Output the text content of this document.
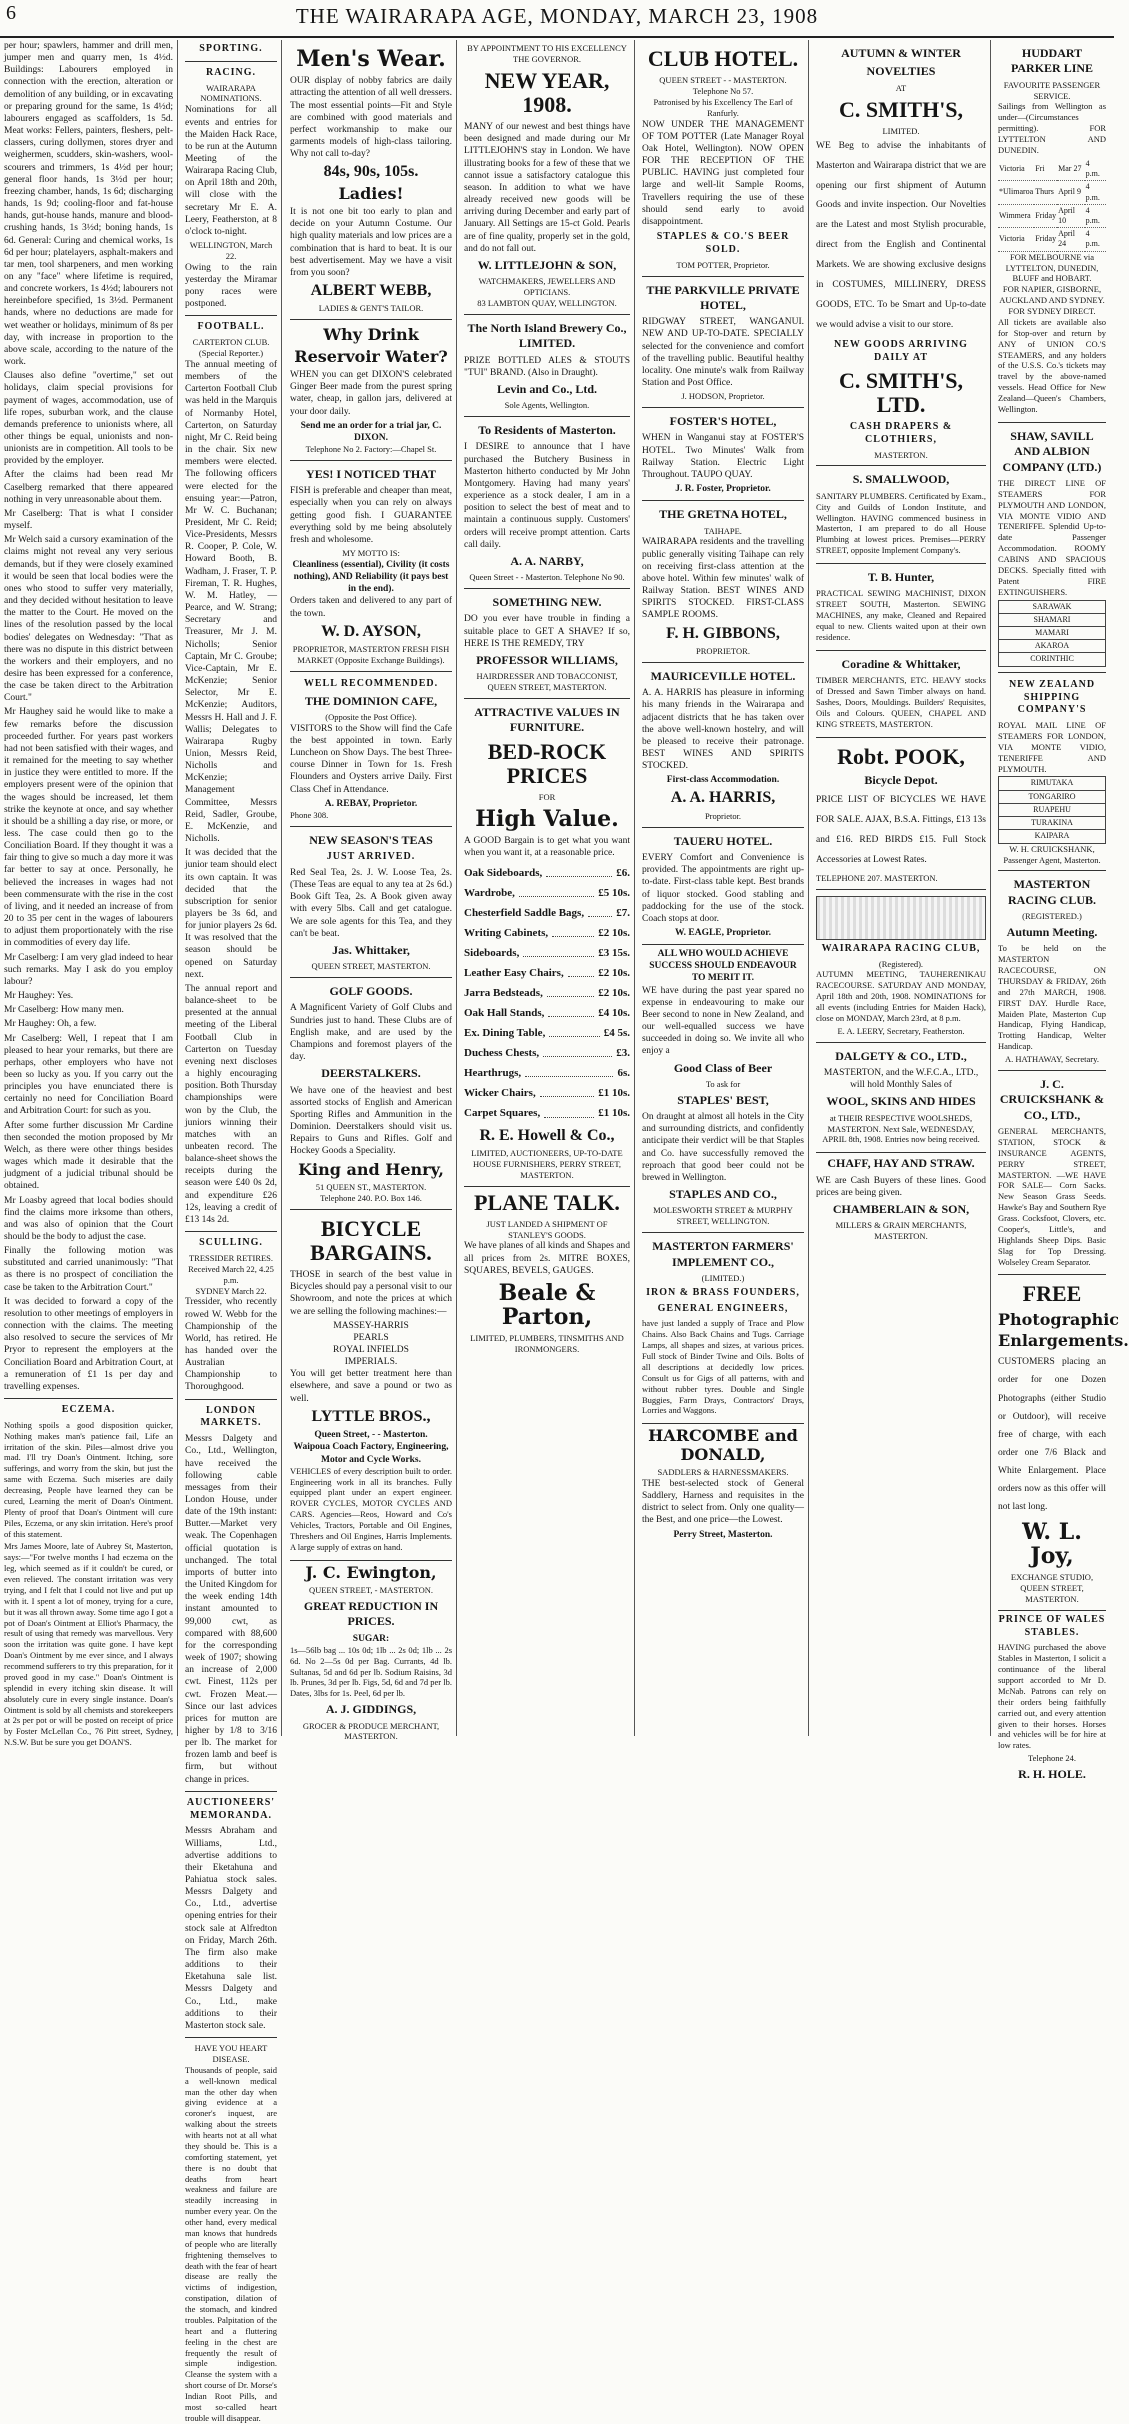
6	THE WAIRARAPA AGE, MONDAY, MARCH 23, 1908

per hour; spawlers, hammer and drill men, jumper men and quarry men, 1s 4½d. Buildings: Labourers employed in connection with the erection, alteration or demolition of any building, or in excavating or preparing ground for the same, 1s 4½d; labourers engaged as scaffolders, 1s 5d. Meat works: Fellers, painters, fleshers, pelt-classers, curing dollymen, stores dryer and weighermen, scudders, skin-washers, wool-scourers and trimmers, 1s 4½d per hour; general floor hands, 1s 3½d per hour; freezing chamber, hands, 1s 6d; discharging hands, 1s 9d; cooling-floor and fat-house hands, gut-house hands, manure and blood-crushing hands, 1s 3½d; boning hands, 1s 6d. General: Curing and chemical works, 1s 6d per hour; platelayers, asphalt-makers and tar men, tool sharpeners, and men working on any "face" where lifetime is required, and concrete workers, 1s 4½d; labourers not hereinbefore specified, 1s 3½d. Permanent hands, where no deductions are made for wet weather or holidays, minimum of 8s per day, with increase in proportion to the above scale, according to the nature of the work.

Clauses also define "overtime," set out holidays, claim special provisions for payment of wages, accommodation, use of life ropes, suburban work, and the clause demands preference to unionists where, all other things be equal, unionists and non-unionists are in competition. All tools to be provided by the employer.

After the claims had been read Mr Caselberg remarked that there appeared nothing in very unreasonable about them.

Mr Caselberg: That is what I consider myself.

Mr Welch said a cursory examination of the claims might not reveal any very serious demands, but if they were closely examined it would be seen that local bodies were the ones who stood to suffer very materially, and they decided without hesitation to leave the matter to the Court. He moved on the lines of the resolution passed by the local bodies' delegates on Wednesday: "That as there was no dispute in this district between the workers and their employers, and no desire has been expressed for a conference, the case be taken direct to the Arbitration Court."

Mr Haughey said he would like to make a few remarks before the discussion proceeded further. For years past workers had not been satisfied with their wages, and it remained for the meeting to say whether in justice they were entitled to more. If the employers present were of the opinion that the wages should be increased, let them strike the keynote at once, and say whether it should be a shilling a day rise, or more, or less. The case could then go to the Conciliation Board. If they thought it was a fair thing to give so much a day more it was far better to say at once. Personally, he believed the increases in wages had not been commensurate with the rise in the cost of living, and it needed an increase of from 20 to 35 per cent in the wages of labourers to adjust them proportionately with the rise in commodities of every day life.

Mr Caselberg: I am very glad indeed to hear such remarks. May I ask do you employ labour?

Mr Haughey: Yes.

Mr Caselberg: How many men.

Mr Haughey: Oh, a few.

Mr Caselberg: Well, I repeat that I am pleased to hear your remarks, but there are perhaps, other employers who have not been so lucky as you. If you carry out the principles you have enunciated there is certainly no need for Conciliation Board and Arbitration Court: for such as you.

After some further discussion Mr Cardine then seconded the motion proposed by Mr Welch, as there were other things besides wages which made it desirable that the judgment of a judicial tribunal should be obtained.

Mr Loasby agreed that local bodies should find the claims more irksome than others, and was also of opinion that the Court should be the body to adjust the case.

Finally the following motion was substituted and carried unanimously: "That as there is no prospect of conciliation the case be taken to the Arbitration Court."

It was decided to forward a copy of the resolution to other meetings of employers in connection with the claims. The meeting also resolved to secure the services of Mr Pryor to represent the employers at the Conciliation Board and Arbitration Court, at a remuneration of £1 1s per day and travelling expenses.

ECZEMA.

Nothing spoils a good disposition quicker, Nothing makes man's patience fail, Life an irritation of the skin. Piles—almost drive you mad. I'll try Doan's Ointment. Itching, sore sufferings, and worry from the skin, but just the same with Eczema. Such miseries are daily decreasing, People have learned they can be cured, Learning the merit of Doan's Ointment. Plenty of proof that Doan's Ointment will cure Piles, Eczema, or any skin irritation. Here's proof of this statement.

Mrs James Moore, late of Aubrey St, Masterton, says:—"For twelve months I had eczema on the leg, which seemed as if it couldn't be cured, or even relieved. The constant irritation was very trying, and I felt that I could not live and put up with it. I spent a lot of money, trying for a cure, but it was all thrown away. Some time ago I got a pot of Doan's Ointment at Elliot's Pharmacy, the result of using that remedy was marvellous. Very soon the irritation was quite gone. I have kept Doan's Ointment by me ever since, and I always recommend sufferers to try this preparation, for it proved good in my case." Doan's Ointment is splendid in every itching skin disease. It will absolutely cure in every single instance. Doan's Ointment is sold by all chemists and storekeepers at 2s per pot or will be posted on receipt of price by Foster McLellan Co., 76 Pitt street, Sydney, N.S.W. But be sure you get DOAN'S.

SPORTING.
RACING.
WAIRARAPA NOMINATIONS.

Nominations for all events and entries for the Maiden Hack Race, to be run at the Autumn Meeting of the Wairarapa Racing Club, on April 18th and 20th, will close with the secretary Mr E. A. Leery, Featherston, at 8 o'clock to-night.

WELLINGTON, March 22.

Owing to the rain yesterday the Miramar pony races were postponed.

FOOTBALL.
CARTERTON CLUB.
(Special Reporter.)

The annual meeting of members of the Carterton Football Club was held in the Marquis of Normanby Hotel, Carterton, on Saturday night, Mr C. Reid being in the chair. Six new members were elected. The following officers were elected for the ensuing year:—Patron, Mr W. C. Buchanan; President, Mr C. Reid; Vice-Presidents, Messrs R. Cooper, P. Cole, W. Howard Booth, B. Wadham, J. Fraser, T. P. Fireman, T. R. Hughes, W. M. Hatley, — Pearce, and W. Strang; Secretary and Treasurer, Mr J. M. Nicholls; Senior Captain, Mr C. Groube; Vice-Captain, Mr E. McKenzie; Senior Selector, Mr E. McKenzie; Auditors, Messrs H. Hall and J. F. Wallis; Delegates to Wairarapa Rugby Union, Messrs Reid, Nicholls and McKenzie; Management Committee, Messrs Reid, Sadler, Groube, E. McKenzie, and Nicholls.

It was decided that the junior team should elect its own captain. It was decided that the subscription for senior players be 3s 6d, and for junior players 2s 6d. It was resolved that the season should be opened on Saturday next.

The annual report and balance-sheet to be presented at the annual meeting of the Liberal Football Club in Carterton on Tuesday evening next discloses a highly encouraging position. Both Thursday championships were won by the Club, the juniors winning their matches with an unbeaten record. The balance-sheet shows the receipts during the season were £40 0s 2d, and expenditure £26 12s, leaving a credit of £13 14s 2d.

SCULLING.
TRESSIDER RETIRES.
Received March 22, 4.25 p.m.
SYDNEY March 22.

Tressider, who recently rowed W. Webb for the Championship of the World, has retired. He has handed over the Australian Championship to Thoroughgood.

LONDON MARKETS.

Messrs Dalgety and Co., Ltd., Wellington, have received the following cable messages from their London House, under date of the 19th instant: Butter.—Market very weak. The Copenhagen official quotation is unchanged. The total imports of butter into the United Kingdom for the week ending 14th instant amounted to 99,000 cwt, as compared with 88,600 for the corresponding week of 1907; showing an increase of 2,000 cwt. Finest, 112s per cwt. Frozen Meat.—Since our last advices prices for mutton are higher by 1/8 to 3/16 per lb. The market for frozen lamb and beef is firm, but without change in prices.

AUCTIONEERS' MEMORANDA.

Messrs Abraham and Williams, Ltd., advertise additions to their Eketahuna and Pahiatua stock sales. Messrs Dalgety and Co., Ltd., advertise opening entries for their stock sale at Alfredton on Friday, March 26th. The firm also make additions to their Eketahuna sale list. Messrs Dalgety and Co., Ltd., make additions to their Masterton stock sale.

HAVE YOU HEART DISEASE.

Thousands of people, said a well-known medical man the other day when giving evidence at a coroner's inquest, are walking about the streets with hearts not at all what they should be. This is a comforting statement, yet there is no doubt that deaths from heart weakness and failure are steadily increasing in number every year. On the other hand, every medical man knows that hundreds of people who are literally frightening themselves to death with the fear of heart disease are really the victims of indigestion, constipation, dilation of the stomach, and kindred troubles. Palpitation of the heart and a fluttering feeling in the chest are frequently the result of simple indigestion. Cleanse the system with a short course of Dr. Morse's Indian Root Pills, and most so-called heart trouble will disappear.

Men's Wear.

OUR display of nobby fabrics are daily attracting the attention of all well dressers. The most essential points—Fit and Style are combined with good materials and perfect workmanship to make our garments models of high-class tailoring. Why not call to-day?

84s, 90s, 105s.
Ladies!

It is not one bit too early to plan and decide on your Autumn Costume. Our high quality materials and low prices are a combination that is hard to beat. It is our best advertisement. May we have a visit from you soon?

ALBERT WEBB,
LADIES & GENT'S TAILOR.
Why Drink
Reservoir Water?

WHEN you can get DIXON'S celebrated Ginger Beer made from the purest spring water, cheap, in gallon jars, delivered at your door daily.

Send me an order for a trial jar, C. DIXON.
Telephone No 2. Factory:—Chapel St.
YES! I NOTICED THAT

FISH is preferable and cheaper than meat, especially when you can rely on always getting good fish. I GUARANTEE everything sold by me being absolutely fresh and wholesome.

MY MOTTO IS:
Cleanliness (essential), Civility (it costs nothing), AND Reliability (it pays best in the end).

Orders taken and delivered to any part of the town.

W. D. AYSON,
PROPRIETOR, MASTERTON FRESH FISH MARKET (Opposite Exchange Buildings).
WELL RECOMMENDED.
THE DOMINION CAFE,
(Opposite the Post Office).

VISITORS to the Show will find the Cafe the best appointed in town. Early Luncheon on Show Days. The best Three-course Dinner in Town for 1s. Fresh Flounders and Oysters arrive Daily. First Class Chef in Attendance.

A. REBAY, Proprietor.
Phone 308.
NEW SEASON'S TEAS
JUST ARRIVED.

Red Seal Tea, 2s. J. W. Loose Tea, 2s. (These Teas are equal to any tea at 2s 6d.) Book Gift Tea, 2s. A Book given away with every 5lbs. Call and get catalogue. We are sole agents for this Tea, and they can't be beat.

Jas. Whittaker,
QUEEN STREET, MASTERTON.
GOLF GOODS.

A Magnificent Variety of Golf Clubs and Sundries just to hand. These Clubs are of English make, and are used by the Champions and foremost players of the day.

DEERSTALKERS.

We have one of the heaviest and best assorted stocks of English and American Sporting Rifles and Ammunition in the Dominion. Deerstalkers should visit us. Repairs to Guns and Rifles. Golf and Hockey Goods a Speciality.

King and Henry,
51 QUEEN ST., MASTERTON.
Telephone 240. P.O. Box 146.
BICYCLE BARGAINS.

THOSE in search of the best value in Bicycles should pay a personal visit to our Showroom, and note the prices at which we are selling the following machines:—

MASSEY-HARRIS
PEARLS
ROYAL INFIELDS
IMPERIALS.

You will get better treatment here than elsewhere, and save a pound or two as well.

LYTTLE BROS.,
Queen Street, - - Masterton.
Waipoua Coach Factory, Engineering, Motor and Cycle Works.

VEHICLES of every description built to order. Engineering work in all its branches. Fully equipped plant under an expert engineer. ROVER CYCLES, MOTOR CYCLES AND CARS. Agencies—Reos, Howard and Co's Vehicles, Tractors, Portable and Oil Engines, Threshers and Oil Engines, Harris Implements. A large supply of extras on hand.

J. C. Ewington,
QUEEN STREET, - MASTERTON.
GREAT REDUCTION IN PRICES.
SUGAR:

1s—56lb bag ... 10s 0d; 1lb ... 2s 0d; 1lb ... 2s 6d. No 2—5s 0d per Bag. Currants, 4d lb. Sultanas, 5d and 6d per lb. Sodium Raisins, 3d lb. Prunes, 3d per lb. Figs, 5d, 6d and 7d per lb. Dates, 3lbs for 1s. Peel, 6d per lb.

A. J. GIDDINGS,
GROCER & PRODUCE MERCHANT, MASTERTON.
BY APPOINTMENT TO HIS EXCELLENCY THE GOVERNOR.
NEW YEAR, 1908.

MANY of our newest and best things have been designed and made during our Mr LITTLEJOHN'S stay in London. We have illustrating books for a few of these that we cannot issue a satisfactory catalogue this season. In addition to what we have already received new goods will be arriving during December and early part of January. All Settings are 15-ct Gold. Pearls are of fine quality, properly set in the gold, and do not fall out.

W. LITTLEJOHN & SON,
WATCHMAKERS, JEWELLERS AND OPTICIANS.
83 LAMBTON QUAY, WELLINGTON.
The North Island Brewery Co., LIMITED.

PRIZE BOTTLED ALES & STOUTS "TUI" BRAND. (Also in Draught).

Levin and Co., Ltd.
Sole Agents, Wellington.
To Residents of Masterton.

I DESIRE to announce that I have purchased the Butchery Business in Masterton hitherto conducted by Mr John Montgomery. Having had many years' experience as a stock dealer, I am in a position to select the best of meat and to maintain a continuous supply. Customers' orders will receive prompt attention. Carts call daily.

A. A. NARBY,
Queen Street - - Masterton. Telephone No 90.
SOMETHING NEW.

DO you ever have trouble in finding a suitable place to GET A SHAVE? If so, HERE IS THE REMEDY, TRY

PROFESSOR WILLIAMS,
HAIRDRESSER AND TOBACCONIST, QUEEN STREET, MASTERTON.
ATTRACTIVE VALUES IN FURNITURE.
BED-ROCK PRICES
FOR
High Value.

A GOOD Bargain is to get what you want when you want it, at a reasonable price.

Oak Sideboards,	£6.
Wardrobe,	£5 10s.
Chesterfield Saddle Bags,	£7.
Writing Cabinets,	£2 10s.
Sideboards,	£3 15s.
Leather Easy Chairs,	£2 10s.
Jarra Bedsteads,	£2 10s.
Oak Hall Stands,	£4 10s.
Ex. Dining Table,	£4 5s.
Duchess Chests,	£3.
Hearthrugs,	6s.
Wicker Chairs,	£1 10s.
Carpet Squares,	£1 10s.
R. E. Howell & Co.,
LIMITED, AUCTIONEERS, UP-TO-DATE HOUSE FURNISHERS, PERRY STREET, MASTERTON.
PLANE TALK.
JUST LANDED A SHIPMENT OF STANLEY'S GOODS.

We have planes of all kinds and Shapes and all prices from 2s. MITRE BOXES, SQUARES, BEVELS, GAUGES.

Beale & Parton,
LIMITED, PLUMBERS, TINSMITHS AND IRONMONGERS.
CLUB HOTEL.
QUEEN STREET - - MASTERTON. Telephone No 57.
Patronised by his Excellency The Earl of Ranfurly.

NOW UNDER THE MANAGEMENT OF TOM POTTER (Late Manager Royal Oak Hotel, Wellington). NOW OPEN FOR THE RECEPTION OF THE PUBLIC. HAVING just completed four large and well-lit Sample Rooms, Travellers requiring the use of these should send early to avoid disappointment.

STAPLES & CO.'S BEER SOLD.
TOM POTTER, Proprietor.
THE PARKVILLE PRIVATE HOTEL,

RIDGWAY STREET, WANGANUI. NEW AND UP-TO-DATE. SPECIALLY selected for the convenience and comfort of the travelling public. Beautiful healthy locality. One minute's walk from Railway Station and Post Office.

J. HODSON, Proprietor.
FOSTER'S HOTEL,

WHEN in Wanganui stay at FOSTER'S HOTEL. Two Minutes' Walk from Railway Station. Electric Light Throughout. TAUPO QUAY.

J. R. Foster, Proprietor.
THE GRETNA HOTEL,
TAIHAPE.

WAIRARAPA residents and the travelling public generally visiting Taihape can rely on receiving first-class attention at the above hotel. Within few minutes' walk of Railway Station. BEST WINES AND SPIRITS STOCKED. FIRST-CLASS SAMPLE ROOMS.

F. H. GIBBONS,
PROPRIETOR.
MAURICEVILLE HOTEL.

A. A. HARRIS has pleasure in informing his many friends in the Wairarapa and adjacent districts that he has taken over the above well-known hostelry, and will be pleased to receive their patronage. BEST WINES AND SPIRITS STOCKED.

First-class Accommodation.
A. A. HARRIS,
Proprietor.
TAUERU HOTEL.

EVERY Comfort and Convenience is provided. The appointments are right up-to-date. First-class table kept. Best brands of liquor stocked. Good stabling and paddocking for the use of the stock. Coach stops at door.

W. EAGLE, Proprietor.
ALL WHO WOULD ACHIEVE SUCCESS SHOULD ENDEAVOUR TO MERIT IT.

WE have during the past year spared no expense in endeavouring to make our Beer second to none in New Zealand, and our well-equalled success we have succeeded in doing so. We invite all who enjoy a

Good Class of Beer
To ask for
STAPLES' BEST,

On draught at almost all hotels in the City and surrounding districts, and confidently anticipate their verdict will be that Staples and Co. have successfully removed the reproach that good beer could not be brewed in Wellington.

STAPLES AND CO.,
MOLESWORTH STREET & MURPHY STREET, WELLINGTON.
MASTERTON FARMERS' IMPLEMENT CO.,
(LIMITED.)
IRON & BRASS FOUNDERS,
GENERAL ENGINEERS,

have just landed a supply of Trace and Plow Chains. Also Back Chains and Tugs. Carriage Lamps, all shapes and sizes, at various prices. Full stock of Binder Twine and Oils. Bolts of all descriptions at decidedly low prices. Consult us for Gigs of all patterns, with and without rubber tyres. Double and Single Buggies, Farm Drays, Contractors' Drays, Lorries and Waggons.

HARCOMBE and DONALD,
SADDLERS & HARNESSMAKERS.

THE best-selected stock of General Saddlery, Harness and requisites in the district to select from. Only one quality—the Best, and one price—the Lowest.

Perry Street, Masterton.
AUTUMN & WINTER
NOVELTIES
AT
C. SMITH'S,
LIMITED.

WE Beg to advise the inhabitants of Masterton and Wairarapa district that we are opening our first shipment of Autumn Goods and invite inspection. Our Novelties are the Latest and most Stylish procurable, direct from the English and Continental Markets. We are showing exclusive designs in COSTUMES, MILLINERY, DRESS GOODS, ETC. To be Smart and Up-to-date we would advise a visit to our store.

NEW GOODS ARRIVING DAILY AT
C. SMITH'S, LTD.
CASH DRAPERS & CLOTHIERS,
MASTERTON.
S. SMALLWOOD,

SANITARY PLUMBERS. Certificated by Exam., City and Guilds of London Institute, and Wellington. HAVING commenced business in Masterton, I am prepared to do all House Plumbing at lowest prices. Premises—PERRY STREET, opposite Implement Company's.

T. B. Hunter,

PRACTICAL SEWING MACHINIST, DIXON STREET SOUTH, Masterton. SEWING MACHINES, any make, Cleaned and Repaired equal to new. Clients waited upon at their own residence.

Coradine & Whittaker,

TIMBER MERCHANTS, ETC. HEAVY stocks of Dressed and Sawn Timber always on hand. Sashes, Doors, Mouldings. Builders' Requisites, Oils and Colours. QUEEN, CHAPEL AND KING STREETS, MASTERTON.

Robt. POOK,
Bicycle Depot.

PRICE LIST OF BICYCLES WE HAVE FOR SALE. AJAX, B.S.A. Fittings, £13 13s and £16. RED BIRDS £15. Full Stock Accessories at Lowest Rates.

TELEPHONE 207. MASTERTON.
WAIRARAPA RACING CLUB,
(Registered).

AUTUMN MEETING, TAUHERENIKAU RACECOURSE. SATURDAY AND MONDAY, April 18th and 20th, 1908. NOMINATIONS for all events (including Entries for Maiden Hack), close on MONDAY, March 23rd, at 8 p.m.

E. A. LEERY, Secretary, Featherston.
DALGETY & CO., LTD.,

MASTERTON, and the W.F.C.A., LTD., will hold Monthly Sales of

WOOL, SKINS AND HIDES

at THEIR RESPECTIVE WOOLSHEDS, MASTERTON. Next Sale, WEDNESDAY, APRIL 8th, 1908. Entries now being received.

CHAFF, HAY AND STRAW.

WE are Cash Buyers of these lines. Good prices are being given.

CHAMBERLAIN & SON,
MILLERS & GRAIN MERCHANTS, MASTERTON.
HUDDART PARKER LINE
FAVOURITE PASSENGER SERVICE.

Sailings from Wellington as under—(Circumstances permitting). FOR LYTTELTON AND DUNEDIN.

Victoria	Fri	Mar 27	4 p.m.
*Ulimaroa	Thurs	April 9	4 p.m.
Wimmera	Friday	April 10	4 p.m.
Victoria	Friday	April 24	4 p.m.
FOR MELBOURNE via LYTTELTON, DUNEDIN, BLUFF and HOBART.
FOR NAPIER, GISBORNE, AUCKLAND AND SYDNEY.
FOR SYDNEY DIRECT.

All tickets are available also for Stop-over and return by ANY of UNION CO.'S STEAMERS, and any holders of the U.S.S. Co.'s tickets may travel by the above-named vessels. Head Office for New Zealand—Queen's Chambers, Wellington.

SHAW, SAVILL AND ALBION COMPANY (LTD.)

THE DIRECT LINE OF STEAMERS FOR PLYMOUTH AND LONDON, VIA MONTE VIDIO AND TENERIFFE. Splendid Up-to-date Passenger Accommodation. ROOMY CABINS AND SPACIOUS DECKS. Specially fitted with Patent FIRE EXTINGUISHERS.

SARAWAK
SHAMARI
MAMARI
AKAROA
CORINTHIC
NEW ZEALAND SHIPPING COMPANY'S

ROYAL MAIL LINE OF STEAMERS FOR LONDON, VIA MONTE VIDIO, TENERIFFE AND PLYMOUTH.

RIMUTAKA
TONGARIRO
RUAPEHU
TURAKINA
KAIPARA
W. H. CRUICKSHANK, Passenger Agent, Masterton.
MASTERTON RACING CLUB.
(REGISTERED.)
Autumn Meeting.

To be held on the MASTERTON RACECOURSE, ON THURSDAY & FRIDAY, 26th and 27th MARCH, 1908. FIRST DAY. Hurdle Race, Maiden Plate, Masterton Cup Handicap, Flying Handicap, Trotting Handicap, Welter Handicap.

A. HATHAWAY, Secretary.
J. C. CRUICKSHANK & CO., LTD.,

GENERAL MERCHANTS, STATION, STOCK & INSURANCE AGENTS, PERRY STREET, MASTERTON. —WE HAVE FOR SALE— Corn Sacks. New Season Grass Seeds. Hawke's Bay and Southern Rye Grass. Cocksfoot, Clovers, etc. Cooper's, Little's, and Highlands Sheep Dips. Basic Slag for Top Dressing. Wolseley Cream Separator.

FREE
Photographic
Enlargements.

CUSTOMERS placing an order for one Dozen Photographs (either Studio or Outdoor), will receive free of charge, with each order one 7/6 Black and White Enlargement. Place orders now as this offer will not last long.

W. L. Joy,
EXCHANGE STUDIO, QUEEN STREET, MASTERTON.
PRINCE OF WALES STABLES.

HAVING purchased the above Stables in Masterton, I solicit a continuance of the liberal support accorded to Mr D. McNab. Patrons can rely on their orders being faithfully carried out, and every attention given to their horses. Horses and vehicles will be for hire at low rates.

Telephone 24.
R. H. HOLE.
